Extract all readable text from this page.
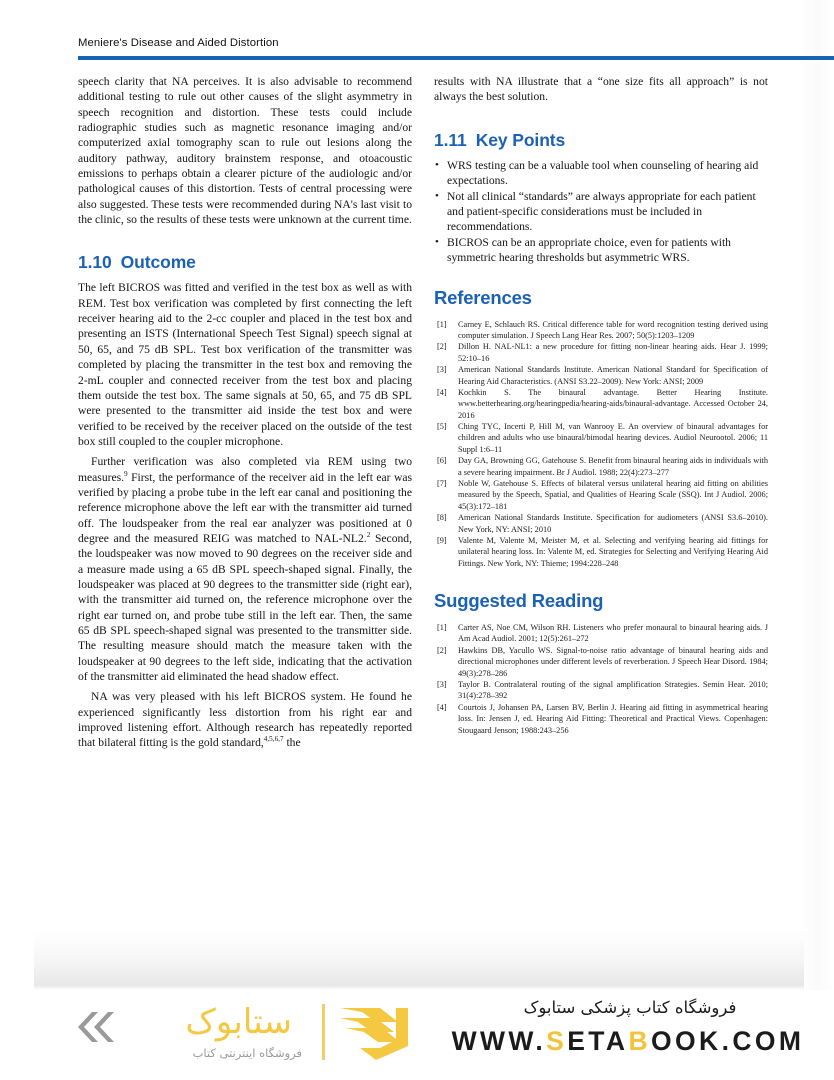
Meniere's Disease and Aided Distortion

speech clarity that NA perceives. It is also advisable to recommend additional testing to rule out other causes of the slight asymmetry in speech recognition and distortion. These tests could include radiographic studies such as magnetic resonance imaging and/or computerized axial tomography scan to rule out lesions along the auditory pathway, auditory brainstem response, and otoacoustic emissions to perhaps obtain a clearer picture of the audiologic and/or pathological causes of this distortion. Tests of central processing were also suggested. These tests were recommended during NA's last visit to the clinic, so the results of these tests were unknown at the current time.

1.10 Outcome

The left BICROS was fitted and verified in the test box as well as with REM. Test box verification was completed by first connecting the left receiver hearing aid to the 2-cc coupler and placed in the test box and presenting an ISTS (International Speech Test Signal) speech signal at 50, 65, and 75 dB SPL. Test box verification of the transmitter was completed by placing the transmitter in the test box and removing the 2-mL coupler and connected receiver from the test box and placing them outside the test box. The same signals at 50, 65, and 75 dB SPL were presented to the transmitter aid inside the test box and were verified to be received by the receiver placed on the outside of the test box still coupled to the coupler microphone.

Further verification was also completed via REM using two measures.$^9$ First, the performance of the receiver aid in the left ear was verified by placing a probe tube in the left ear canal and positioning the reference microphone above the left ear with the transmitter aid turned off. The loudspeaker from the real ear analyzer was positioned at 0 degree and the measured REIG was matched to NAL-NL2.$^2$ Second, the loudspeaker was now moved to 90 degrees on the receiver side and a measure made using a 65 dB SPL speech-shaped signal. Finally, the loudspeaker was placed at 90 degrees to the transmitter side (right ear), with the transmitter aid turned on, the reference microphone over the right ear turned on, and probe tube still in the left ear. Then, the same 65 dB SPL speech-shaped signal was presented to the transmitter side. The resulting measure should match the measure taken with the loudspeaker at 90 degrees to the left side, indicating that the activation of the transmitter aid eliminated the head shadow effect.

NA was very pleased with his left BICROS system. He found he experienced significantly less distortion from his right ear and improved listening effort. Although research has repeatedly reported that bilateral fitting is the gold standard,$^{4,5,6,7}$ the

results with NA illustrate that a “one size fits all approach” is not always the best solution.

1.11 Key Points
• WRS testing can be a valuable tool when counseling of hearing aid expectations.
• Not all clinical “standards” are always appropriate for each patient and patient-specific considerations must be included in recommendations.
• BICROS can be an appropriate choice, even for patients with symmetric hearing thresholds but asymmetric WRS.
References
[1]	Carney E, Schlauch RS. Critical difference table for word recognition testing derived using computer simulation. J Speech Lang Hear Res. 2007; 50(5):1203–1209
[2]	Dillon H. NAL-NL1: a new procedure for fitting non-linear hearing aids. Hear J. 1999; 52:10–16
[3]	American National Standards Institute. American National Standard for Specification of Hearing Aid Characteristics. (ANSI S3.22–2009). New York: ANSI; 2009
[4]	Kochkin S. The binaural advantage. Better Hearing Institute. www.betterhearing.org/hearingpedia/hearing-aids/binaural-advantage. Accessed October 24, 2016
[5]	Ching TYC, Incerti P, Hill M, van Wanrooy E. An overview of binaural advantages for children and adults who use binaural/bimodal hearing devices. Audiol Neurootol. 2006; 11 Suppl 1:6–11
[6]	Day GA, Browning GG, Gatehouse S. Benefit from binaural hearing aids in individuals with a severe hearing impairment. Br J Audiol. 1988; 22(4):273–277
[7]	Noble W, Gatehouse S. Effects of bilateral versus unilateral hearing aid fitting on abilities measured by the Speech, Spatial, and Qualities of Hearing Scale (SSQ). Int J Audiol. 2006; 45(3):172–181
[8]	American National Standards Institute. Specification for audiometers (ANSI S3.6–2010). New York, NY: ANSI; 2010
[9]	Valente M, Valente M, Meister M, et al. Selecting and verifying hearing aid fittings for unilateral hearing loss. In: Valente M, ed. Strategies for Selecting and Verifying Hearing Aid Fittings. New York, NY: Thieme; 1994:228–248
Suggested Reading
[1]	Carter AS, Noe CM, Wilson RH. Listeners who prefer monaural to binaural hearing aids. J Am Acad Audiol. 2001; 12(5):261–272
[2]	Hawkins DB, Yacullo WS. Signal-to-noise ratio advantage of binaural hearing aids and directional microphones under different levels of reverberation. J Speech Hear Disord. 1984; 49(3):278–286
[3]	Taylor B. Contralateral routing of the signal amplification Strategies. Semin Hear. 2010; 31(4):278–392
[4]	Courtois J, Johansen PA, Larsen BV, Berlin J. Hearing aid fitting in asymmetrical hearing loss. In: Jensen J, ed. Hearing Aid Fitting: Theoretical and Practical Views. Copenhagen: Stougaard Jenson; 1988:243–256
ستابوک
فروشگاه اینترنتی کتاب
فروشگاه کتاب پزشکی ستابوک
WWW.SETABOOK.COM
